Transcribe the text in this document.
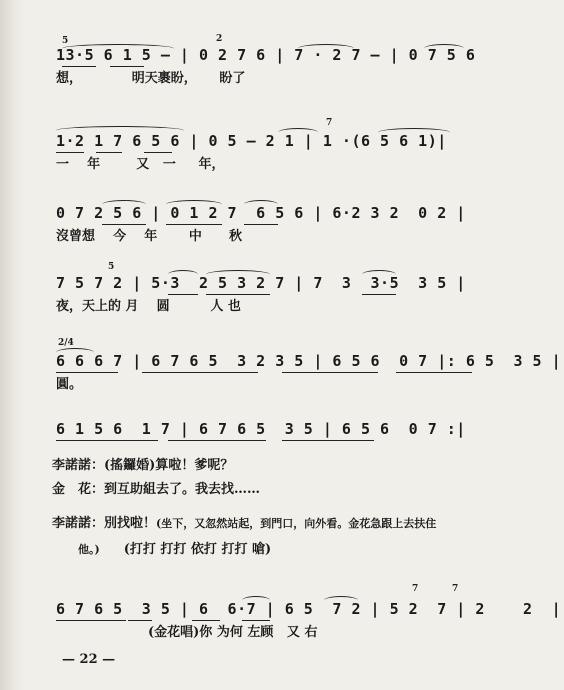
5	2
13·5 6 1 5 — | 0 2 7 6 | 7 · 2 7 — | 0 7 5 6
想，           明天裹盼，     盼了
7
1·2 1 7 6 5 6 | 0 5 — 2 1 | 1 ·(6 5 6 1)|
一    年        又   一     年，
0 7 2 5 6 | 0 1 2 7  6 5 6 | 6·2 3 2  0 2 |
沒曾想    今    年       中      秋
5
7 5 7 2 | 5·3  2 5 3 2 7 | 7  3  3·5  3 5 |
夜，天上的 月    圆         人 也
2/4
6 6 6 7 | 6 7 6 5  3 2 3 5 | 6 5 6  0 7 |: 6 5  3 5 |
圓。
6 1 5 6  1 7 | 6 7 6 5  3 5 | 6 5 6  0 7 :|
李諾諾：(搖鑼婚)算啦！爹呢？
金　花：到互助組去了。我去找……
李諾諾：別找啦！(坐下，又忽然站起，到門口，向外看。金花急跟上去扶住
他。) (打打 打打 依打 打打 嗆)
7	7
6 7 6 5  3 5 | 6  6·7 | 6 5  7 2 | 5 2  7 | 2    2  |
(金花唱)你 为何 左顾   又 右
— 22 —
